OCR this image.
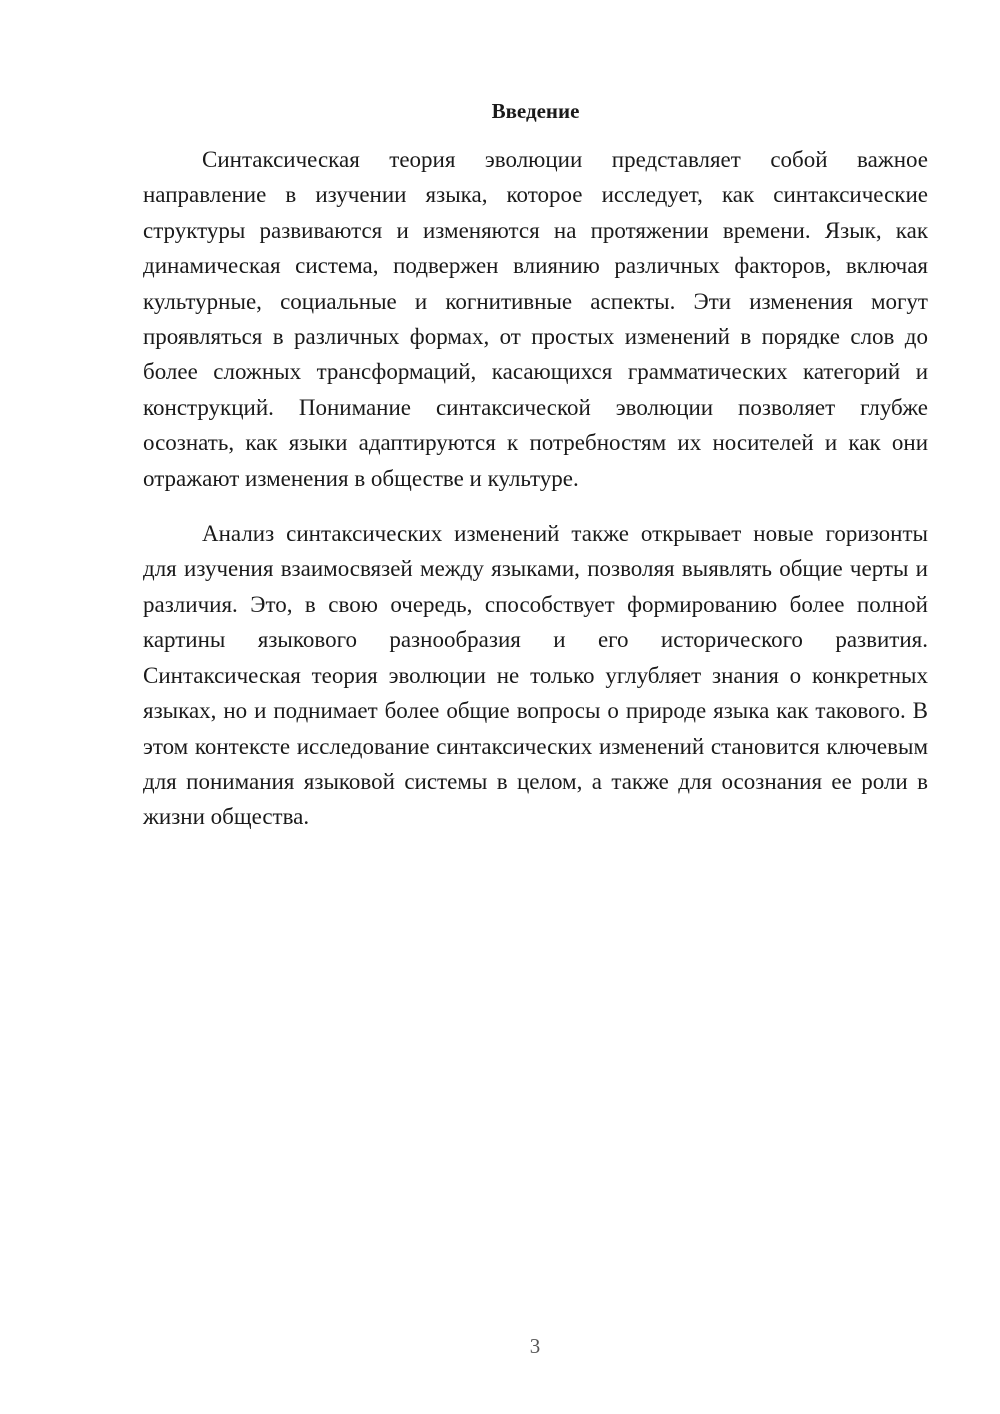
Введение

Синтаксическая теория эволюции представляет собой важное направление в изучении языка, которое исследует, как синтаксические структуры развиваются и изменяются на протяжении времени. Язык, как динамическая система, подвержен влиянию различных факторов, включая культурные, социальные и когнитивные аспекты. Эти изменения могут проявляться в различных формах, от простых изменений в порядке слов до более сложных трансформаций, касающихся грамматических категорий и конструкций. Понимание синтаксической эволюции позволяет глубже осознать, как языки адаптируются к потребностям их носителей и как они отражают изменения в обществе и культуре.

Анализ синтаксических изменений также открывает новые горизонты для изучения взаимосвязей между языками, позволяя выявлять общие черты и различия. Это, в свою очередь, способствует формированию более полной картины языкового разнообразия и его исторического развития. Синтаксическая теория эволюции не только углубляет знания о конкретных языках, но и поднимает более общие вопросы о природе языка как такового. В этом контексте исследование синтаксических изменений становится ключевым для понимания языковой системы в целом, а также для осознания ее роли в жизни общества.

3
